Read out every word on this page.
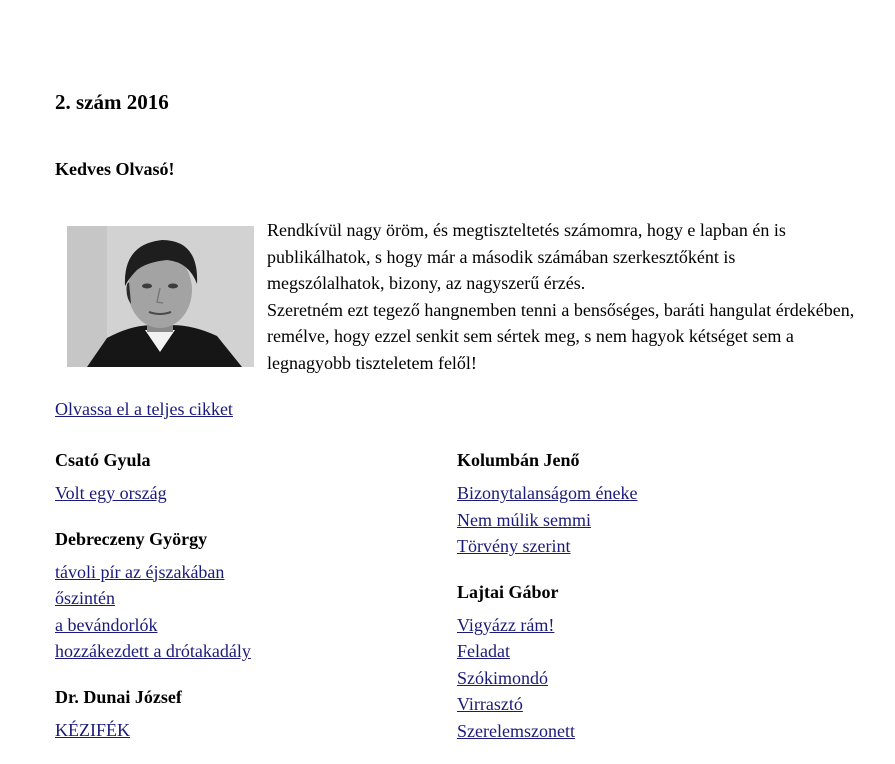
2. szám 2016
Kedves Olvasó!

Rendkívül nagy öröm, és megtiszteltetés számomra, hogy e lapban én is publikálhatok, s hogy már a második számában szerkesztőként is megszólalhatok, bizony, az nagyszerű érzés.

Szeretném ezt tegező hangnemben tenni a bensőséges, baráti hangulat érdekében, remélve, hogy ezzel senkit sem sértek meg, s nem hagyok kétséget sem a legnagyobb tiszteletem felől!

Olvassa el a teljes cikket
Csató Gyula
Volt egy ország
Debreczeny György
távoli pír az éjszakában
őszintén
a bevándorlók
hozzákezdett a drótakadály
Dr. Dunai József
KÉZIFÉK
Kolumbán Jenő
Bizonytalanságom éneke
Nem múlik semmi
Törvény szerint
Lajtai Gábor
Vigyázz rám!
Feladat
Szókimondó
Virrasztó
Szerelemszonett
